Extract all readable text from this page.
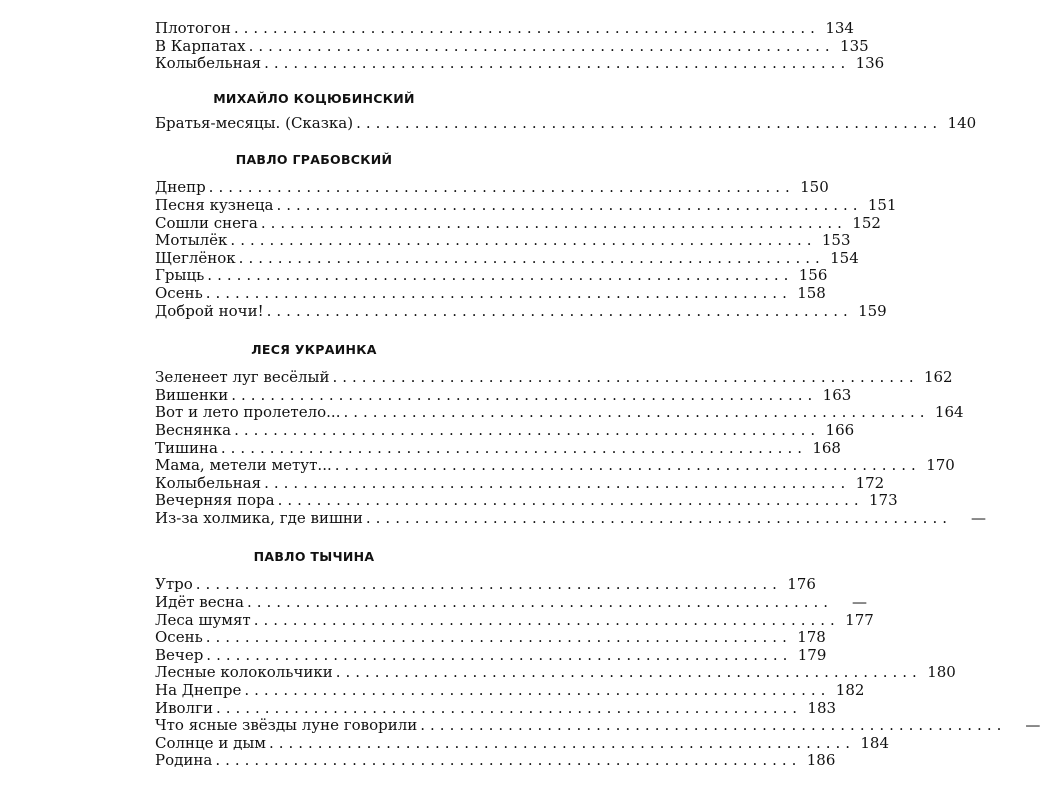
Плотогон ............................................................ 134
В Карпатах ............................................................ 135
Колыбельная ............................................................ 136
МИХАЙЛО КОЦЮБИНСКИЙ
Братья-месяцы. (Сказка) ............................................................ 140
ПАВЛО ГРАБОВСКИЙ
Днепр ............................................................ 150
Песня кузнеца ............................................................ 151
Сошли снега ............................................................ 152
Мотылёк ............................................................ 153
Щеглёнок ............................................................ 154
Грыць ............................................................ 156
Осень ............................................................ 158
Доброй ночи! ............................................................ 159
ЛЕСЯ УКРАИНКА
Зеленеет луг весёлый ............................................................ 162
Вишенки ............................................................ 163
Вот и лето пролетело... ............................................................ 164
Веснянка ............................................................ 166
Тишина ............................................................ 168
Мама, метели метут... ............................................................ 170
Колыбельная ............................................................ 172
Вечерняя пора ............................................................ 173
Из-за холмика, где вишни ............................................................	—
ПАВЛО ТЫЧИНА
Утро ............................................................ 176
Идёт весна ............................................................	—
Леса шумят ............................................................ 177
Осень ............................................................ 178
Вечер ............................................................ 179
Лесные колокольчики ............................................................ 180
На Днепре ............................................................ 182
Иволги ............................................................ 183
Что ясные звёзды луне говорили ............................................................	—
Солнце и дым ............................................................ 184
Родина ............................................................ 186
